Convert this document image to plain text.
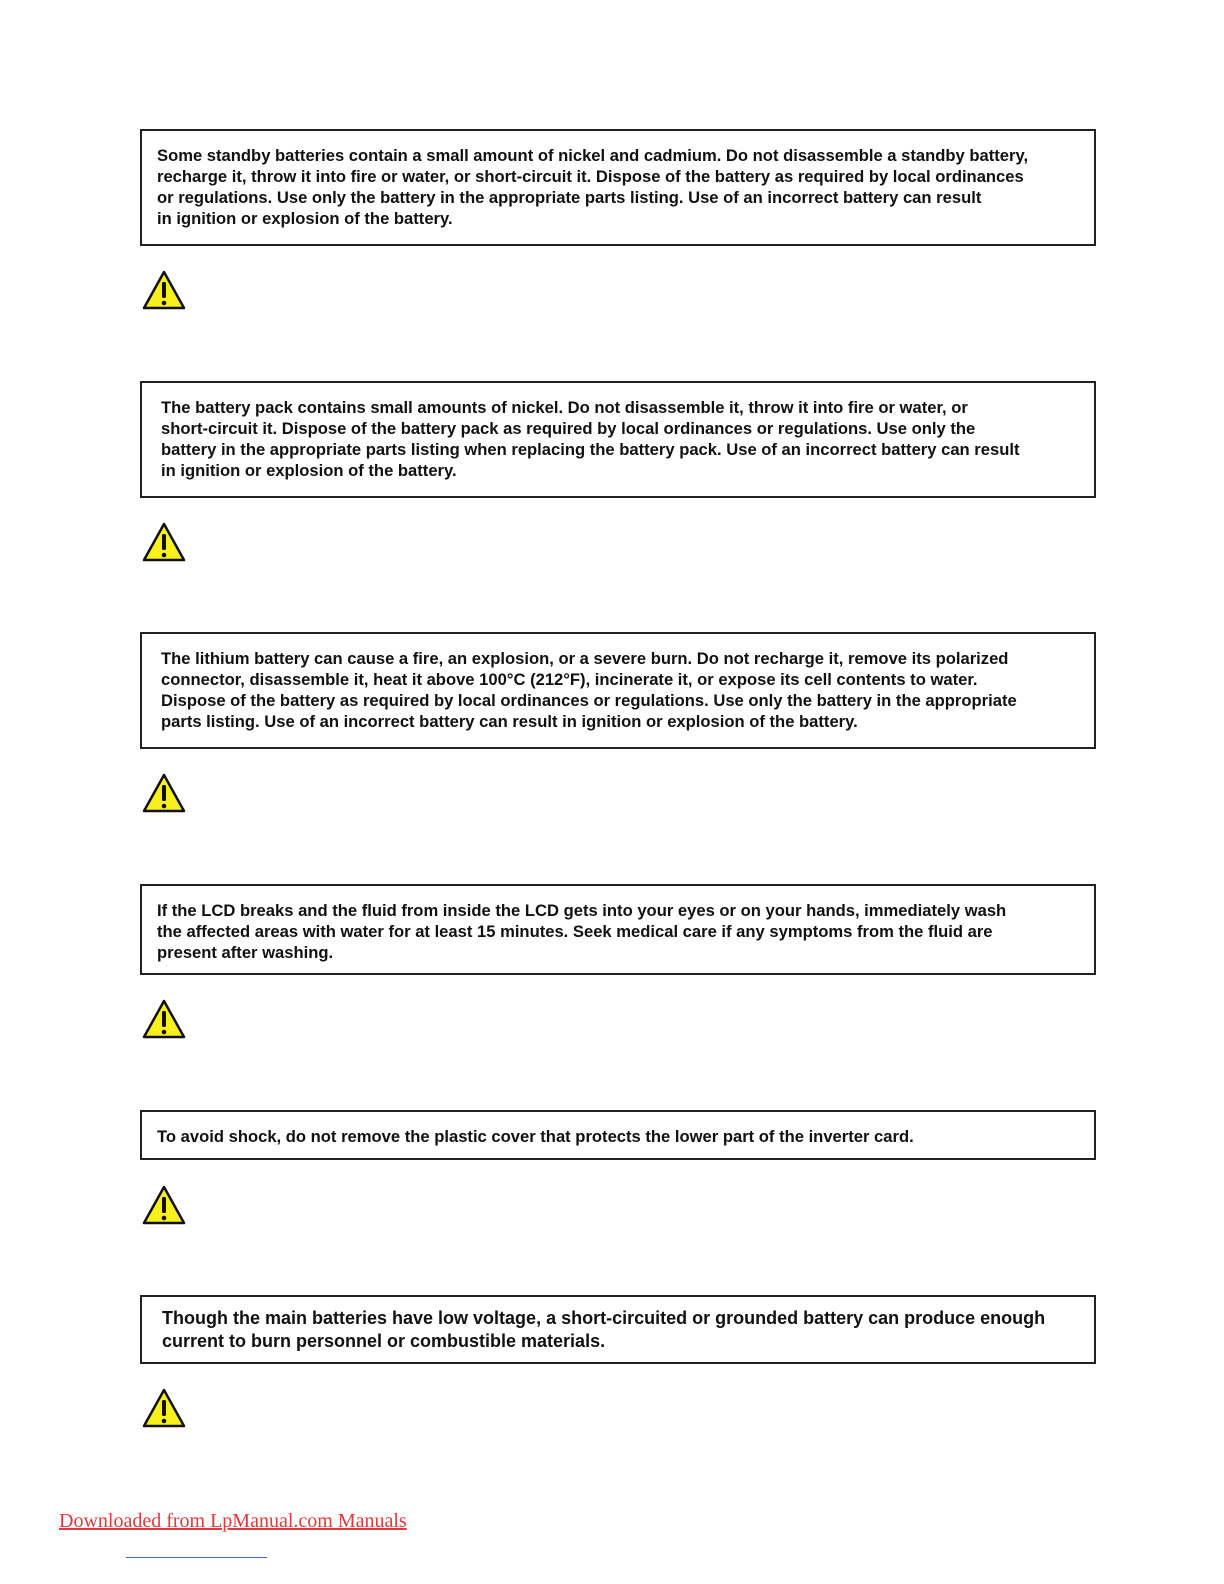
Some standby batteries contain a small amount of nickel and cadmium. Do not disassemble a standby battery,
recharge it, throw it into fire or water, or short-circuit it. Dispose of the battery as required by local ordinances
or regulations. Use only the battery in the appropriate parts listing. Use of an incorrect battery can result
in ignition or explosion of the battery.
The battery pack contains small amounts of nickel. Do not disassemble it, throw it into fire or water, or
short-circuit it. Dispose of the battery pack as required by local ordinances or regulations. Use only the
battery in the appropriate parts listing when replacing the battery pack. Use of an incorrect battery can result
in ignition or explosion of the battery.
The lithium battery can cause a fire, an explosion, or a severe burn. Do not recharge it, remove its polarized
connector, disassemble it, heat it above 100°C (212°F), incinerate it, or expose its cell contents to water.
Dispose of the battery as required by local ordinances or regulations. Use only the battery in the appropriate
parts listing. Use of an incorrect battery can result in ignition or explosion of the battery.
If the LCD breaks and the fluid from inside the LCD gets into your eyes or on your hands, immediately wash
the affected areas with water for at least 15 minutes. Seek medical care if any symptoms from the fluid are
present after washing.
To avoid shock, do not remove the plastic cover that protects the lower part of the inverter card.
Though the main batteries have low voltage, a short-circuited or grounded battery can produce enough
current to burn personnel or combustible materials.
Downloaded from LpManual.com Manuals
